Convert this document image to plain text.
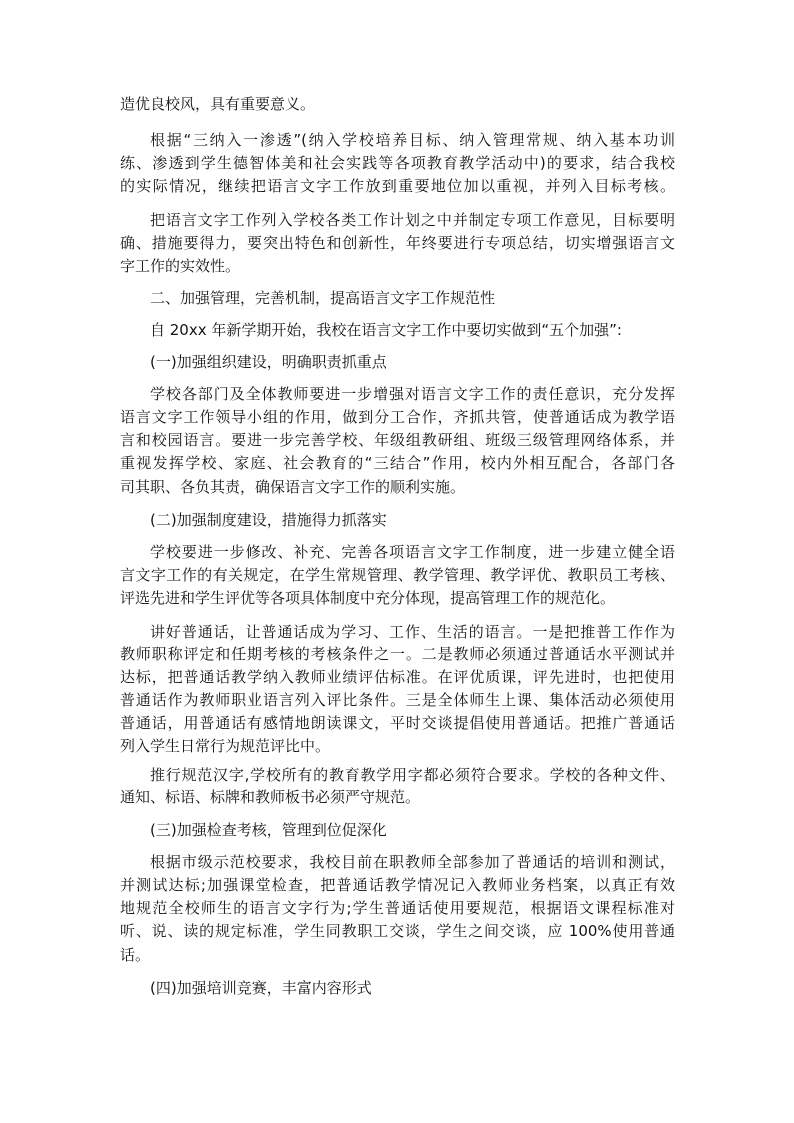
造优良校风，具有重要意义。
根据“三纳入一渗透”(纳入学校培养目标、纳入管理常规、纳入基本功训
练、渗透到学生德智体美和社会实践等各项教育教学活动中)的要求，结合我校
的实际情况，继续把语言文字工作放到重要地位加以重视，并列入目标考核。
把语言文字工作列入学校各类工作计划之中并制定专项工作意见，目标要明
确、措施要得力，要突出特色和创新性，年终要进行专项总结，切实增强语言文
字工作的实效性。
二、加强管理，完善机制，提高语言文字工作规范性
自 20xx 年新学期开始，我校在语言文字工作中要切实做到“五个加强”:
(一)加强组织建设，明确职责抓重点
学校各部门及全体教师要进一步增强对语言文字工作的责任意识，充分发挥
语言文字工作领导小组的作用，做到分工合作，齐抓共管，使普通话成为教学语
言和校园语言。要进一步完善学校、年级组教研组、班级三级管理网络体系，并
重视发挥学校、家庭、社会教育的“三结合”作用，校内外相互配合，各部门各
司其职、各负其责，确保语言文字工作的顺利实施。
(二)加强制度建设，措施得力抓落实
学校要进一步修改、补充、完善各项语言文字工作制度，进一步建立健全语
言文字工作的有关规定，在学生常规管理、教学管理、教学评优、教职员工考核、
评选先进和学生评优等各项具体制度中充分体现，提高管理工作的规范化。
讲好普通话，让普通话成为学习、工作、生活的语言。一是把推普工作作为
教师职称评定和任期考核的考核条件之一。二是教师必须通过普通话水平测试并
达标，把普通话教学纳入教师业绩评估标准。在评优质课，评先进时，也把使用
普通话作为教师职业语言列入评比条件。三是全体师生上课、集体活动必须使用
普通话，用普通话有感情地朗读课文，平时交谈提倡使用普通话。把推广普通话
列入学生日常行为规范评比中。
推行规范汉字,学校所有的教育教学用字都必须符合要求。学校的各种文件、
通知、标语、标牌和教师板书必须严守规范。
(三)加强检查考核，管理到位促深化
根据市级示范校要求，我校目前在职教师全部参加了普通话的培训和测试，
并测试达标;加强课堂检查，把普通话教学情况记入教师业务档案，以真正有效
地规范全校师生的语言文字行为;学生普通话使用要规范，根据语文课程标准对
听、说、读的规定标准，学生同教职工交谈，学生之间交谈，应 100%使用普通
话。
(四)加强培训竞赛，丰富内容形式
